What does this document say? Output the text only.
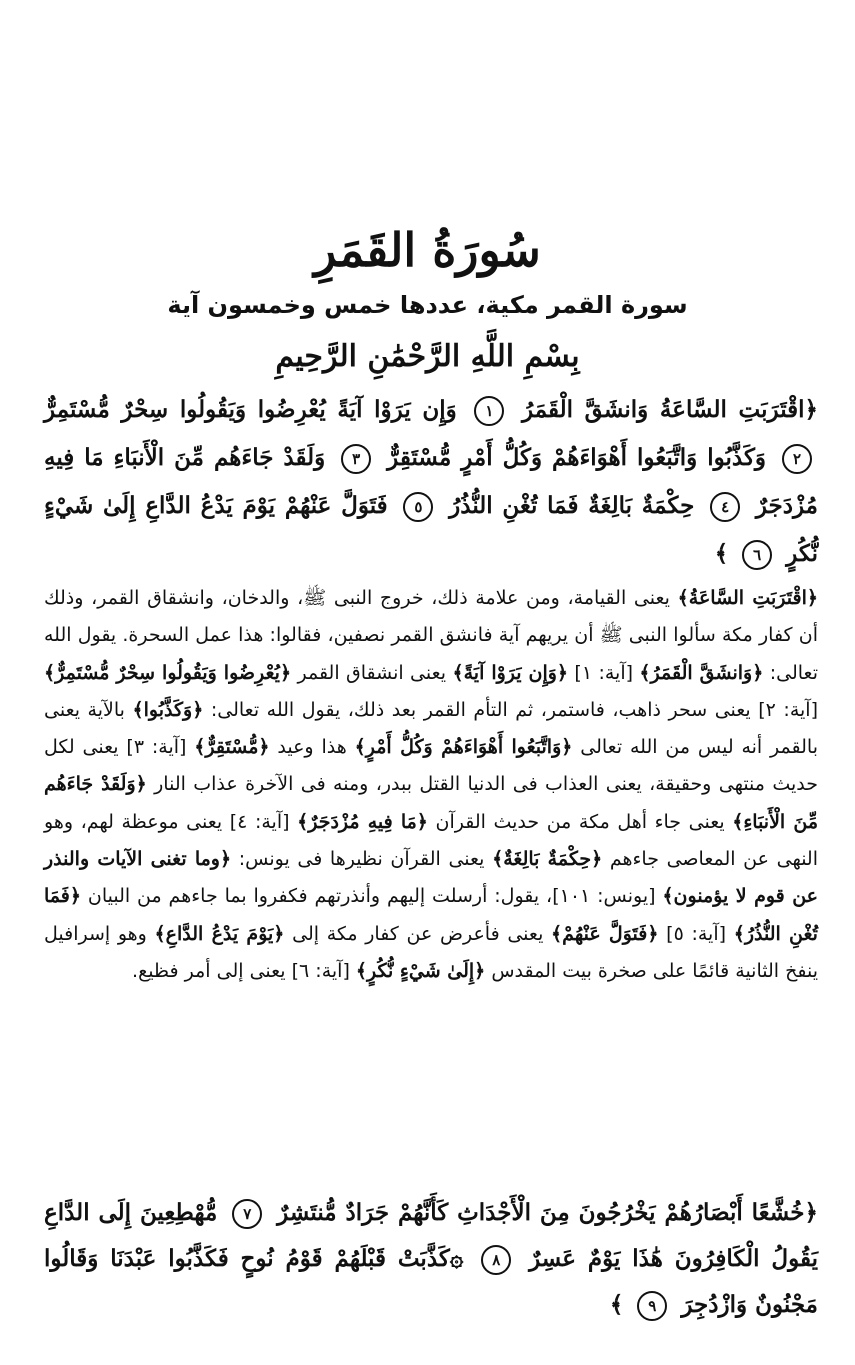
سُورَةُ القَمَرِ
سورة القمر مكية، عددها خمس وخمسون آية
بِسْمِ اللَّهِ الرَّحْمَٰنِ الرَّحِيمِ
﴿اقْتَرَبَتِ السَّاعَةُ وَانشَقَّ الْقَمَرُ ١ وَإِن يَرَوْا آيَةً يُعْرِضُوا وَيَقُولُوا سِحْرٌ مُّسْتَمِرٌّ ٢ وَكَذَّبُوا وَاتَّبَعُوا أَهْوَاءَهُمْ وَكُلُّ أَمْرٍ مُّسْتَقِرٌّ ٣ وَلَقَدْ جَاءَهُم مِّنَ الْأَنبَاءِ مَا فِيهِ مُزْدَجَرٌ ٤ حِكْمَةٌ بَالِغَةٌ فَمَا تُغْنِ النُّذُرُ ٥ فَتَوَلَّ عَنْهُمْ يَوْمَ يَدْعُ الدَّاعِ إِلَىٰ شَيْءٍ نُّكُرٍ ٦ ﴾
﴿اقْتَرَبَتِ السَّاعَةُ﴾ يعنى القيامة، ومن علامة ذلك، خروج النبى ﷺ، والدخان، وانشقاق القمر، وذلك أن كفار مكة سألوا النبى ﷺ أن يريهم آية فانشق القمر نصفين، فقالوا: هذا عمل السحرة. يقول الله تعالى: ﴿وَانشَقَّ الْقَمَرُ﴾ [آية: ١] ﴿وَإِن يَرَوْا آيَةً﴾ يعنى انشقاق القمر ﴿يُعْرِضُوا وَيَقُولُوا سِحْرٌ مُّسْتَمِرٌّ﴾ [آية: ٢] يعنى سحر ذاهب، فاستمر، ثم التأم القمر بعد ذلك، يقول الله تعالى: ﴿وَكَذَّبُوا﴾ بالآية يعنى بالقمر أنه ليس من الله تعالى ﴿وَاتَّبَعُوا أَهْوَاءَهُمْ وَكُلُّ أَمْرٍ﴾ هذا وعيد ﴿مُّسْتَقِرٌّ﴾ [آية: ٣] يعنى لكل حديث منتهى وحقيقة، يعنى العذاب فى الدنيا القتل ببدر، ومنه فى الآخرة عذاب النار ﴿وَلَقَدْ جَاءَهُم مِّنَ الْأَنبَاءِ﴾ يعنى جاء أهل مكة من حديث القرآن ﴿مَا فِيهِ مُزْدَجَرٌ﴾ [آية: ٤] يعنى موعظة لهم، وهو النهى عن المعاصى جاءهم ﴿حِكْمَةٌ بَالِغَةٌ﴾ يعنى القرآن نظيرها فى يونس: ﴿وما تغنى الآيات والنذر عن قوم لا يؤمنون﴾ [يونس: ١٠١]، يقول: أرسلت إليهم وأنذرتهم فكفروا بما جاءهم من البيان ﴿فَمَا تُغْنِ النُّذُرُ﴾ [آية: ٥] ﴿فَتَوَلَّ عَنْهُمْ﴾ يعنى فأعرض عن كفار مكة إلى ﴿يَوْمَ يَدْعُ الدَّاعِ﴾ وهو إسرافيل ينفخ الثانية قائمًا على صخرة بيت المقدس ﴿إِلَىٰ شَيْءٍ نُّكُرٍ﴾ [آية: ٦] يعنى إلى أمر فظيع.
﴿خُشَّعًا أَبْصَارُهُمْ يَخْرُجُونَ مِنَ الْأَجْدَاثِ كَأَنَّهُمْ جَرَادٌ مُّنتَشِرٌ ٧ مُّهْطِعِينَ إِلَى الدَّاعِ يَقُولُ الْكَافِرُونَ هَٰذَا يَوْمٌ عَسِرٌ ٨ ۞كَذَّبَتْ قَبْلَهُمْ قَوْمُ نُوحٍ فَكَذَّبُوا عَبْدَنَا وَقَالُوا مَجْنُونٌ وَازْدُجِرَ ٩ ﴾
